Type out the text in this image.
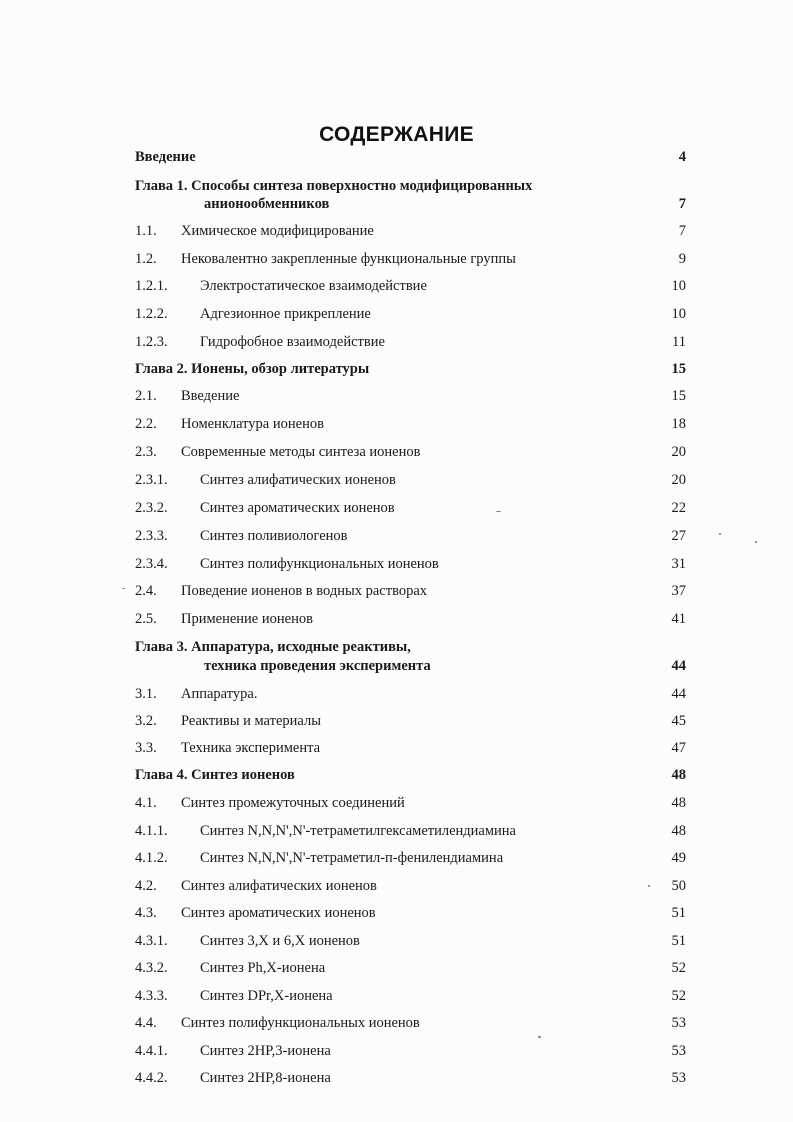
СОДЕРЖАНИЕ
Введение	4
Глава 1. Способы синтеза поверхностно модифицированных
анионообменников	7
1.1. Химическое модифицирование	7
1.2. Нековалентно закрепленные функциональные группы	9
1.2.1. Электростатическое взаимодействие	10
1.2.2. Адгезионное прикрепление	10
1.2.3. Гидрофобное взаимодействие	11
Глава 2. Ионены, обзор литературы	15
2.1. Введение	15
2.2. Номенклатура ионенов	18
2.3. Современные методы синтеза ионенов	20
2.3.1. Синтез алифатических ионенов	20
2.3.2. Синтез ароматических ионенов	22
2.3.3. Синтез поливиологенов	27
2.3.4. Синтез полифункциональных ионенов	31
2.4. Поведение ионенов в водных растворах	37
2.5. Применение ионенов	41
Глава 3. Аппаратура, исходные реактивы,
техника проведения эксперимента	44
3.1. Аппаратура.	44
3.2. Реактивы и материалы	45
3.3. Техника эксперимента	47
Глава 4. Синтез ионенов	48
4.1. Синтез промежуточных соединений	48
4.1.1. Синтез N,N,N',N'-тетраметилгексаметилендиамина	48
4.1.2. Синтез N,N,N',N'-тетраметил-п-фенилендиамина	49
4.2. Синтез алифатических ионенов	50
4.3. Синтез ароматических ионенов	51
4.3.1. Синтез 3,X и 6,X ионенов	51
4.3.2. Синтез Ph,X-ионена	52
4.3.3. Синтез DPr,X-ионена	52
4.4. Синтез полифункциональных ионенов	53
4.4.1. Синтез 2HP,3-ионена	53
4.4.2. Синтез 2HP,8-ионена	53
